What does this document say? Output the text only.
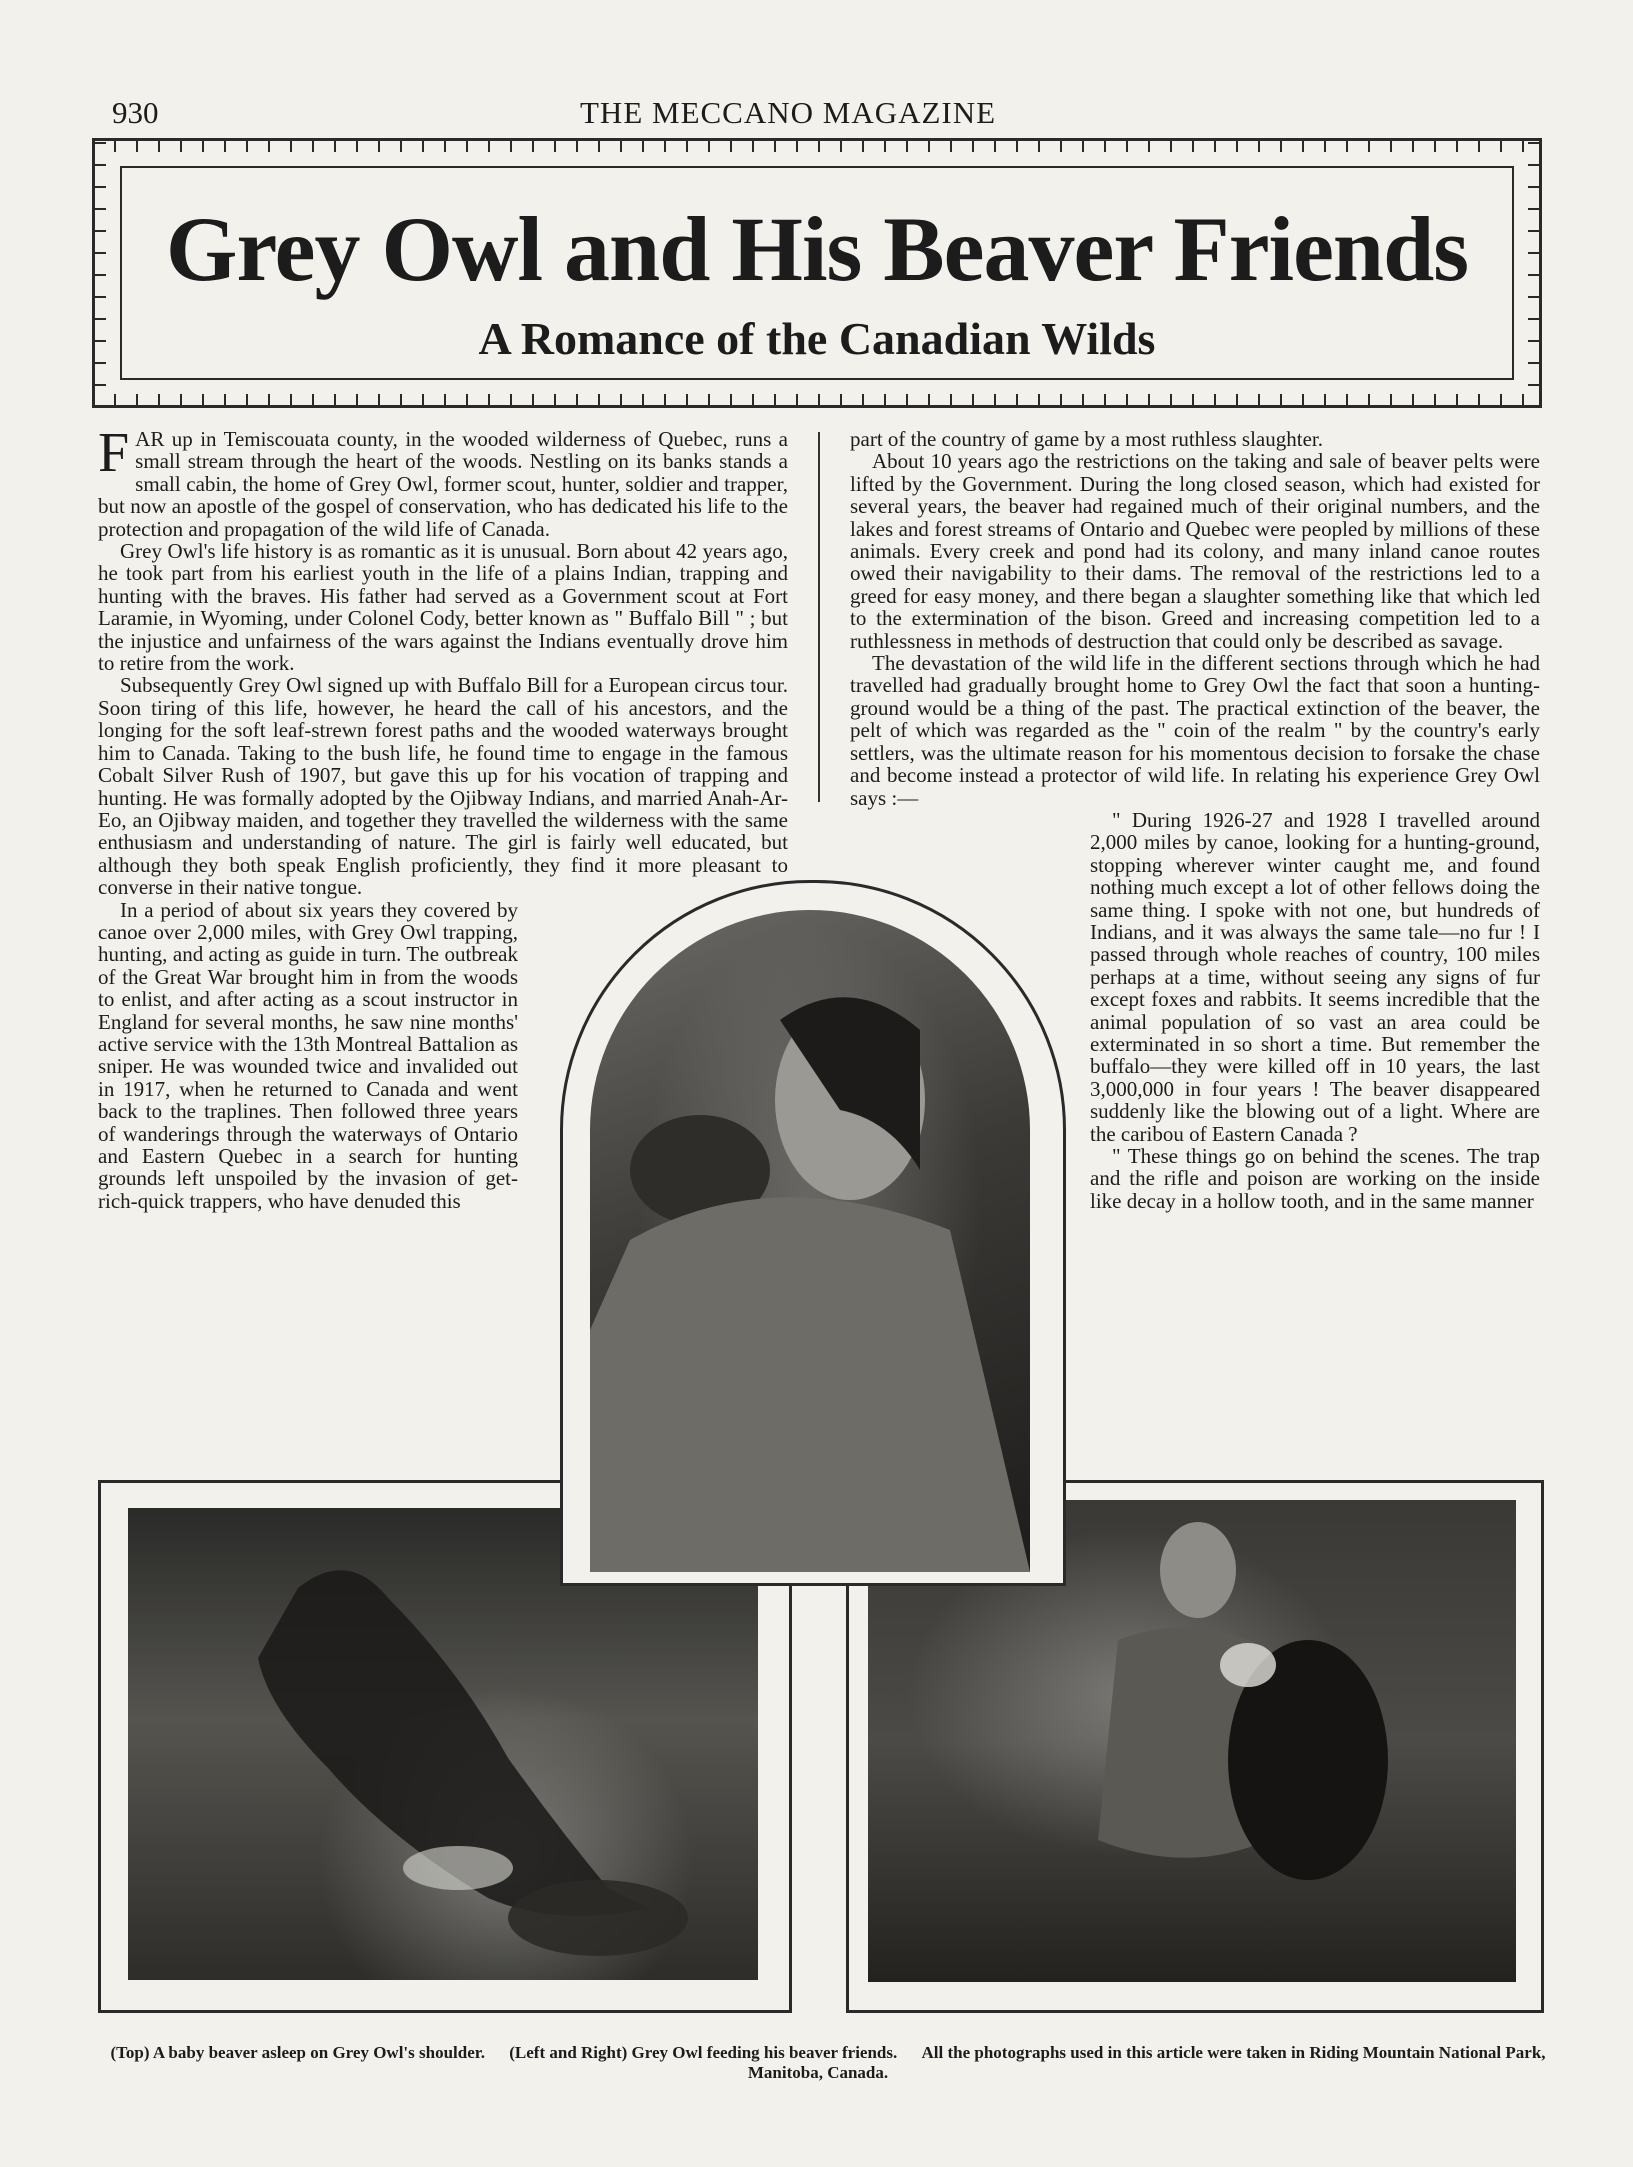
930	THE MECCANO MAGAZINE
Grey Owl and His Beaver Friends
A Romance of the Canadian Wilds

FAR up in Temiscouata county, in the wooded wilderness of Quebec, runs a small stream through the heart of the woods. Nestling on its banks stands a small cabin, the home of Grey Owl, former scout, hunter, soldier and trapper, but now an apostle of the gospel of conservation, who has dedicated his life to the protection and propagation of the wild life of Canada.

Grey Owl's life history is as romantic as it is unusual. Born about 42 years ago, he took part from his earliest youth in the life of a plains Indian, trapping and hunting with the braves. His father had served as a Government scout at Fort Laramie, in Wyoming, under Colonel Cody, better known as " Buffalo Bill " ; but the injustice and unfairness of the wars against the Indians eventually drove him to retire from the work.

Subsequently Grey Owl signed up with Buffalo Bill for a European circus tour. Soon tiring of this life, however, he heard the call of his ancestors, and the longing for the soft leaf-strewn forest paths and the wooded waterways brought him to Canada. Taking to the bush life, he found time to engage in the famous Cobalt Silver Rush of 1907, but gave this up for his vocation of trapping and hunting. He was formally adopted by the Ojibway Indians, and married Anah-Ar-Eo, an Ojibway maiden, and together they travelled the wilderness with the same enthusiasm and understanding of nature. The girl is fairly well educated, but although they both speak English proficiently, they find it more pleasant to converse in their native tongue.

In a period of about six years they covered by canoe over 2,000 miles, with Grey Owl trapping, hunting, and acting as guide in turn. The outbreak of the Great War brought him in from the woods to enlist, and after acting as a scout instructor in England for several months, he saw nine months' active service with the 13th Montreal Battalion as sniper. He was wounded twice and invalided out in 1917, when he returned to Canada and went back to the traplines. Then followed three years of wanderings through the waterways of Ontario and Eastern Quebec in a search for hunting grounds left unspoiled by the invasion of get-rich-quick trappers, who have denuded this

part of the country of game by a most ruthless slaughter.

About 10 years ago the restrictions on the taking and sale of beaver pelts were lifted by the Government. During the long closed season, which had existed for several years, the beaver had regained much of their original numbers, and the lakes and forest streams of Ontario and Quebec were peopled by millions of these animals. Every creek and pond had its colony, and many inland canoe routes owed their navigability to their dams. The removal of the restrictions led to a greed for easy money, and there began a slaughter something like that which led to the extermination of the bison. Greed and increasing competition led to a ruthlessness in methods of destruction that could only be described as savage.

The devastation of the wild life in the different sections through which he had travelled had gradually brought home to Grey Owl the fact that soon a hunting-ground would be a thing of the past. The practical extinction of the beaver, the pelt of which was regarded as the " coin of the realm " by the country's early settlers, was the ultimate reason for his momentous decision to forsake the chase and become instead a protector of wild life. In relating his experience Grey Owl says :—

" During 1926-27 and 1928 I travelled around 2,000 miles by canoe, looking for a hunting-ground, stopping wherever winter caught me, and found nothing much except a lot of other fellows doing the same thing. I spoke with not one, but hundreds of Indians, and it was always the same tale—no fur ! I passed through whole reaches of country, 100 miles perhaps at a time, without seeing any signs of fur except foxes and rabbits. It seems incredible that the animal population of so vast an area could be exterminated in so short a time. But remember the buffalo—they were killed off in 10 years, the last 3,000,000 in four years ! The beaver disappeared suddenly like the blowing out of a light. Where are the caribou of Eastern Canada ?

" These things go on behind the scenes. The trap and the rifle and poison are working on the inside like decay in a hollow tooth, and in the same manner

(Top) A baby beaver asleep on Grey Owl's shoulder. (Left and Right) Grey Owl feeding his beaver friends. All the photographs used in this article were taken in Riding Mountain National Park, Manitoba, Canada.
